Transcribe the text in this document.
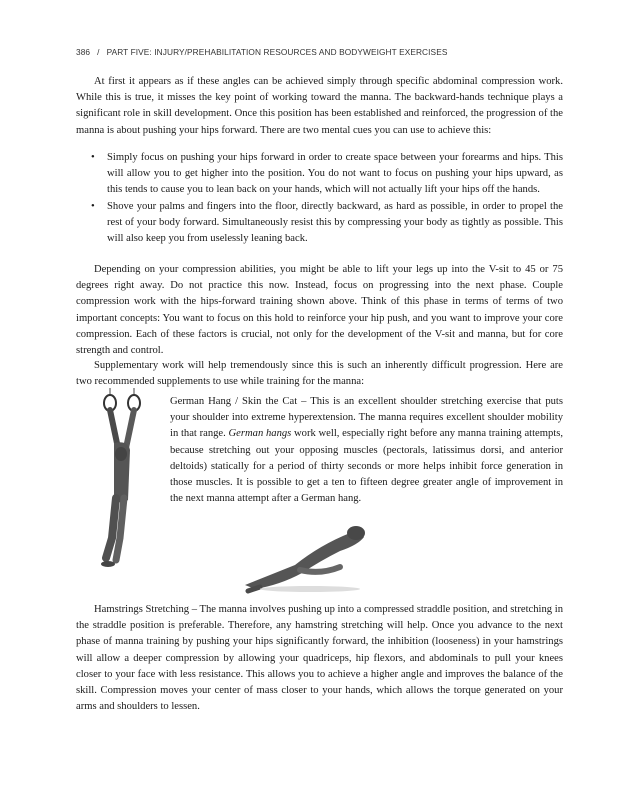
386 / PART FIVE: INJURY/PREHABILITATION RESOURCES AND BODYWEIGHT EXERCISES

At first it appears as if these angles can be achieved simply through specific abdominal compression work. While this is true, it misses the key point of working toward the manna. The backward-hands technique plays a significant role in skill development. Once this position has been established and reinforced, the progression of the manna is about pushing your hips forward. There are two mental cues you can use to achieve this:

• Simply focus on pushing your hips forward in order to create space between your forearms and hips. This will allow you to get higher into the position. You do not want to focus on pushing your hips upward, as this tends to cause you to lean back on your hands, which will not actually lift your hips off the hands.
• Shove your palms and fingers into the floor, directly backward, as hard as possible, in order to propel the rest of your body forward. Simultaneously resist this by compressing your body as tightly as possible. This will also keep you from uselessly leaning back.

Depending on your compression abilities, you might be able to lift your legs up into the V-sit to 45 or 75 degrees right away. Do not practice this now. Instead, focus on progressing into the next phase. Couple compression work with the hips-forward training shown above. Think of this phase in terms of terms of two important concepts: You want to focus on this hold to reinforce your hip push, and you want to improve your core compression. Each of these factors is crucial, not only for the development of the V-sit and manna, but for core strength and control.

Supplementary work will help tremendously since this is such an inherently difficult progression. Here are two recommended supplements to use while training for the manna:

German Hang / Skin the Cat – This is an excellent shoulder stretching exercise that puts your shoulder into extreme hyperextension. The manna requires excellent shoulder mobility in that range. German hangs work well, especially right before any manna training attempts, because stretching out your opposing muscles (pectorals, latissimus dorsi, and anterior deltoids) statically for a period of thirty seconds or more helps inhibit force generation in those muscles. It is possible to get a ten to fifteen degree greater angle of improvement in the next manna attempt after a German hang.

Hamstrings Stretching – The manna involves pushing up into a compressed straddle position, and stretching in the straddle position is preferable. Therefore, any hamstring stretching will help. Once you advance to the next phase of manna training by pushing your hips significantly forward, the inhibition (looseness) in your hamstrings will allow a deeper compression by allowing your quadriceps, hip flexors, and abdominals to pull your knees closer to your face with less resistance. This allows you to achieve a higher angle and improves the balance of the skill. Compression moves your center of mass closer to your hands, which allows the torque generated on your arms and shoulders to lessen.
